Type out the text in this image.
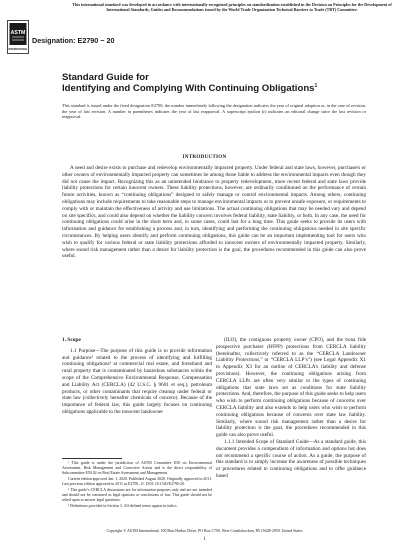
This international standard was developed in accordance with internationally recognized principles on standardization established in the Decision on Principles for the Development of International Standards, Guides and Recommendations issued by the World Trade Organization Technical Barriers to Trade (TBT) Committee.
ASTM
INTERNATIONAL
Designation: E2790 − 20
Standard Guide for
Identifying and Complying With Continuing Obligations$^1$
This standard is issued under the fixed designation E2790; the number immediately following the designation indicates the year of original adoption or, in the case of revision, the year of last revision. A number in parentheses indicates the year of last reapproval. A superscript epsilon (ε) indicates an editorial change since the last revision or reapproval.
INTRODUCTION

A need and desire exists to purchase and redevelop environmentally impacted property. Under federal and state laws, however, purchasers or other owners of environmentally impacted property can sometimes be among those liable to address the environmental impacts even though they did not cause the impact. Recognizing this as an unintended hindrance to property redevelopment, more recent federal and state laws provide liability protections for certain innocent owners. These liability protections, however, are ordinarily conditioned on the performance of certain future activities, known as “continuing obligations” designed to safely manage or control environmental impacts. Among others, continuing obligations may include requirements to take reasonable steps to manage environmental impacts or to prevent unsafe exposure, or requirements to comply with or maintain the effectiveness of activity and use limitations. The actual continuing obligations that may be needed vary and depend on site specifics, and could also depend on whether the liability concern involves federal liability, state liability, or both. In any case, the need for continuing obligations could arise in the short term and, in some cases, could last for a long time. This guide seeks to provide its users with information and guidance for establishing a process and, in turn, identifying and performing the continuing obligations needed in site specific circumstances. By helping users identify and perform continuing obligations, this guide can be an important implementing tool for users who wish to qualify for various federal or state liability protections afforded to innocent owners of environmentally impacted property. Similarly, where sound risk management rather than a desire for liability protection is the goal, the procedures recommended in this guide can also prove useful.

1. Scope

1.1 Purpose—The purpose of this guide is to provide information and guidance² related to the process of identifying and fulfilling continuing obligations³ at commercial real estate, and forestland and rural property that is contaminated by hazardous substances within the scope of the Comprehensive Environmental Response, Compensation and Liability Act (CERCLA) (42 U.S.C. § 9601 et seq.), petroleum products, or other contaminants that require cleanup under federal or state law (collectively hereafter chemicals of concern). Because of the importance of federal law, this guide largely focuses on continuing obligations applicable to the innocent landowner

(ILO), the contiguous property owner (CPO), and the bona fide prospective purchaser (BFPP) protections from CERCLA liability (hereinafter, collectively referred to as the “CERCLA Landowner Liability Protections,” or “CERCLA LLP’s”) (see Legal Appendix X1 to Appendix X3 for an outline of CERCLA’s liability and defense provisions). However, the continuing obligations arising from CERCLA LLPs are often very similar to the types of continuing obligations that state laws set as conditions for state liability protections. And, therefore, the purpose of this guide seeks to help users who wish to perform continuing obligations because of concerns over CERCLA liability and also extends to help users who wish to perform continuing obligations because of concerns over state law liability. Similarly, where sound risk management rather than a desire for liability protection is the goal, the procedures recommended in this guide can also prove useful.

1.1.1 Intended Scope of Standard Guide—As a standard guide, this document provides a compendium of information and options but does not recommend a specific course of action. As a guide, the purpose of this standard is to simply increase the awareness of possible techniques or procedures related to continuing obligations and to offer guidance based

¹ This guide is under the jurisdiction of ASTM Committee E50 on Environmental Assessment, Risk Management and Corrective Action and is the direct responsibility of Subcommittee E50.02 on Real Estate Assessment and Management.

Current edition approved Jan. 1, 2020. Published August 2020. Originally approved in 2011. Last previous edition approved in 2011 as E2790–11. DOI: 10.1520/E2790-20.

² This guide’s CERCLA discussions are for information purposes only and are not intended and should not be construed as legal opinions or conclusions of law. This guide should not be relied upon to answer legal questions.

³ Definitions provided in Section 3. All defined terms appear in italics.

Copyright © ASTM International, 100 Barr Harbor Drive, PO Box C700, West Conshohocken, PA 19428-2959. United States
1
